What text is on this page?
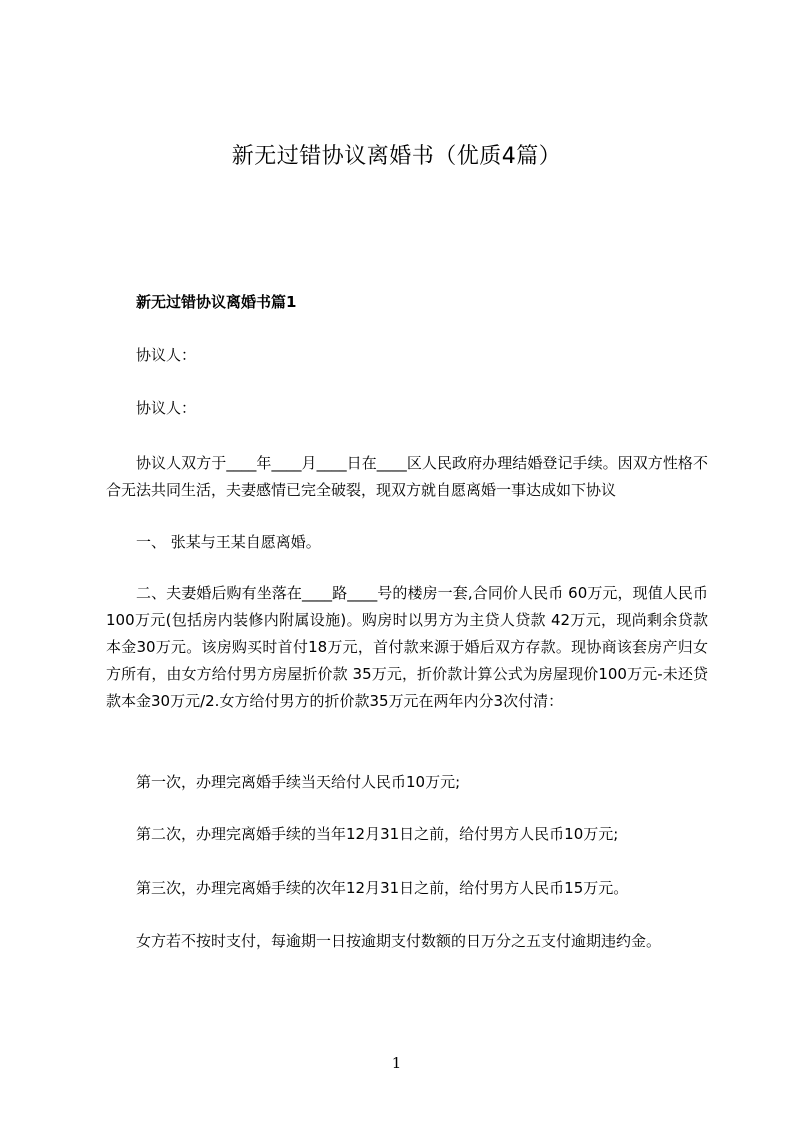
新无过错协议离婚书（优质4篇）
新无过错协议离婚书篇1
协议人：
协议人：
协议人双方于____年____月____日在____区人民政府办理结婚登记手续。因双方性格不合无法共同生活，夫妻感情已完全破裂，现双方就自愿离婚一事达成如下协议
一、 张某与王某自愿离婚。
二、夫妻婚后购有坐落在____路____号的楼房一套,合同价人民币 60万元，现值人民币100万元(包括房内装修内附属设施)。购房时以男方为主贷人贷款 42万元，现尚剩余贷款本金30万元。该房购买时首付18万元，首付款来源于婚后双方存款。现协商该套房产归女方所有，由女方给付男方房屋折价款 35万元，折价款计算公式为房屋现价100万元-未还贷款本金30万元/2.女方给付男方的折价款35万元在两年内分3次付清：
第一次，办理完离婚手续当天给付人民币10万元;
第二次，办理完离婚手续的当年12月31日之前，给付男方人民币10万元;
第三次，办理完离婚手续的次年12月31日之前，给付男方人民币15万元。
女方若不按时支付，每逾期一日按逾期支付数额的日万分之五支付逾期违约金。
1
